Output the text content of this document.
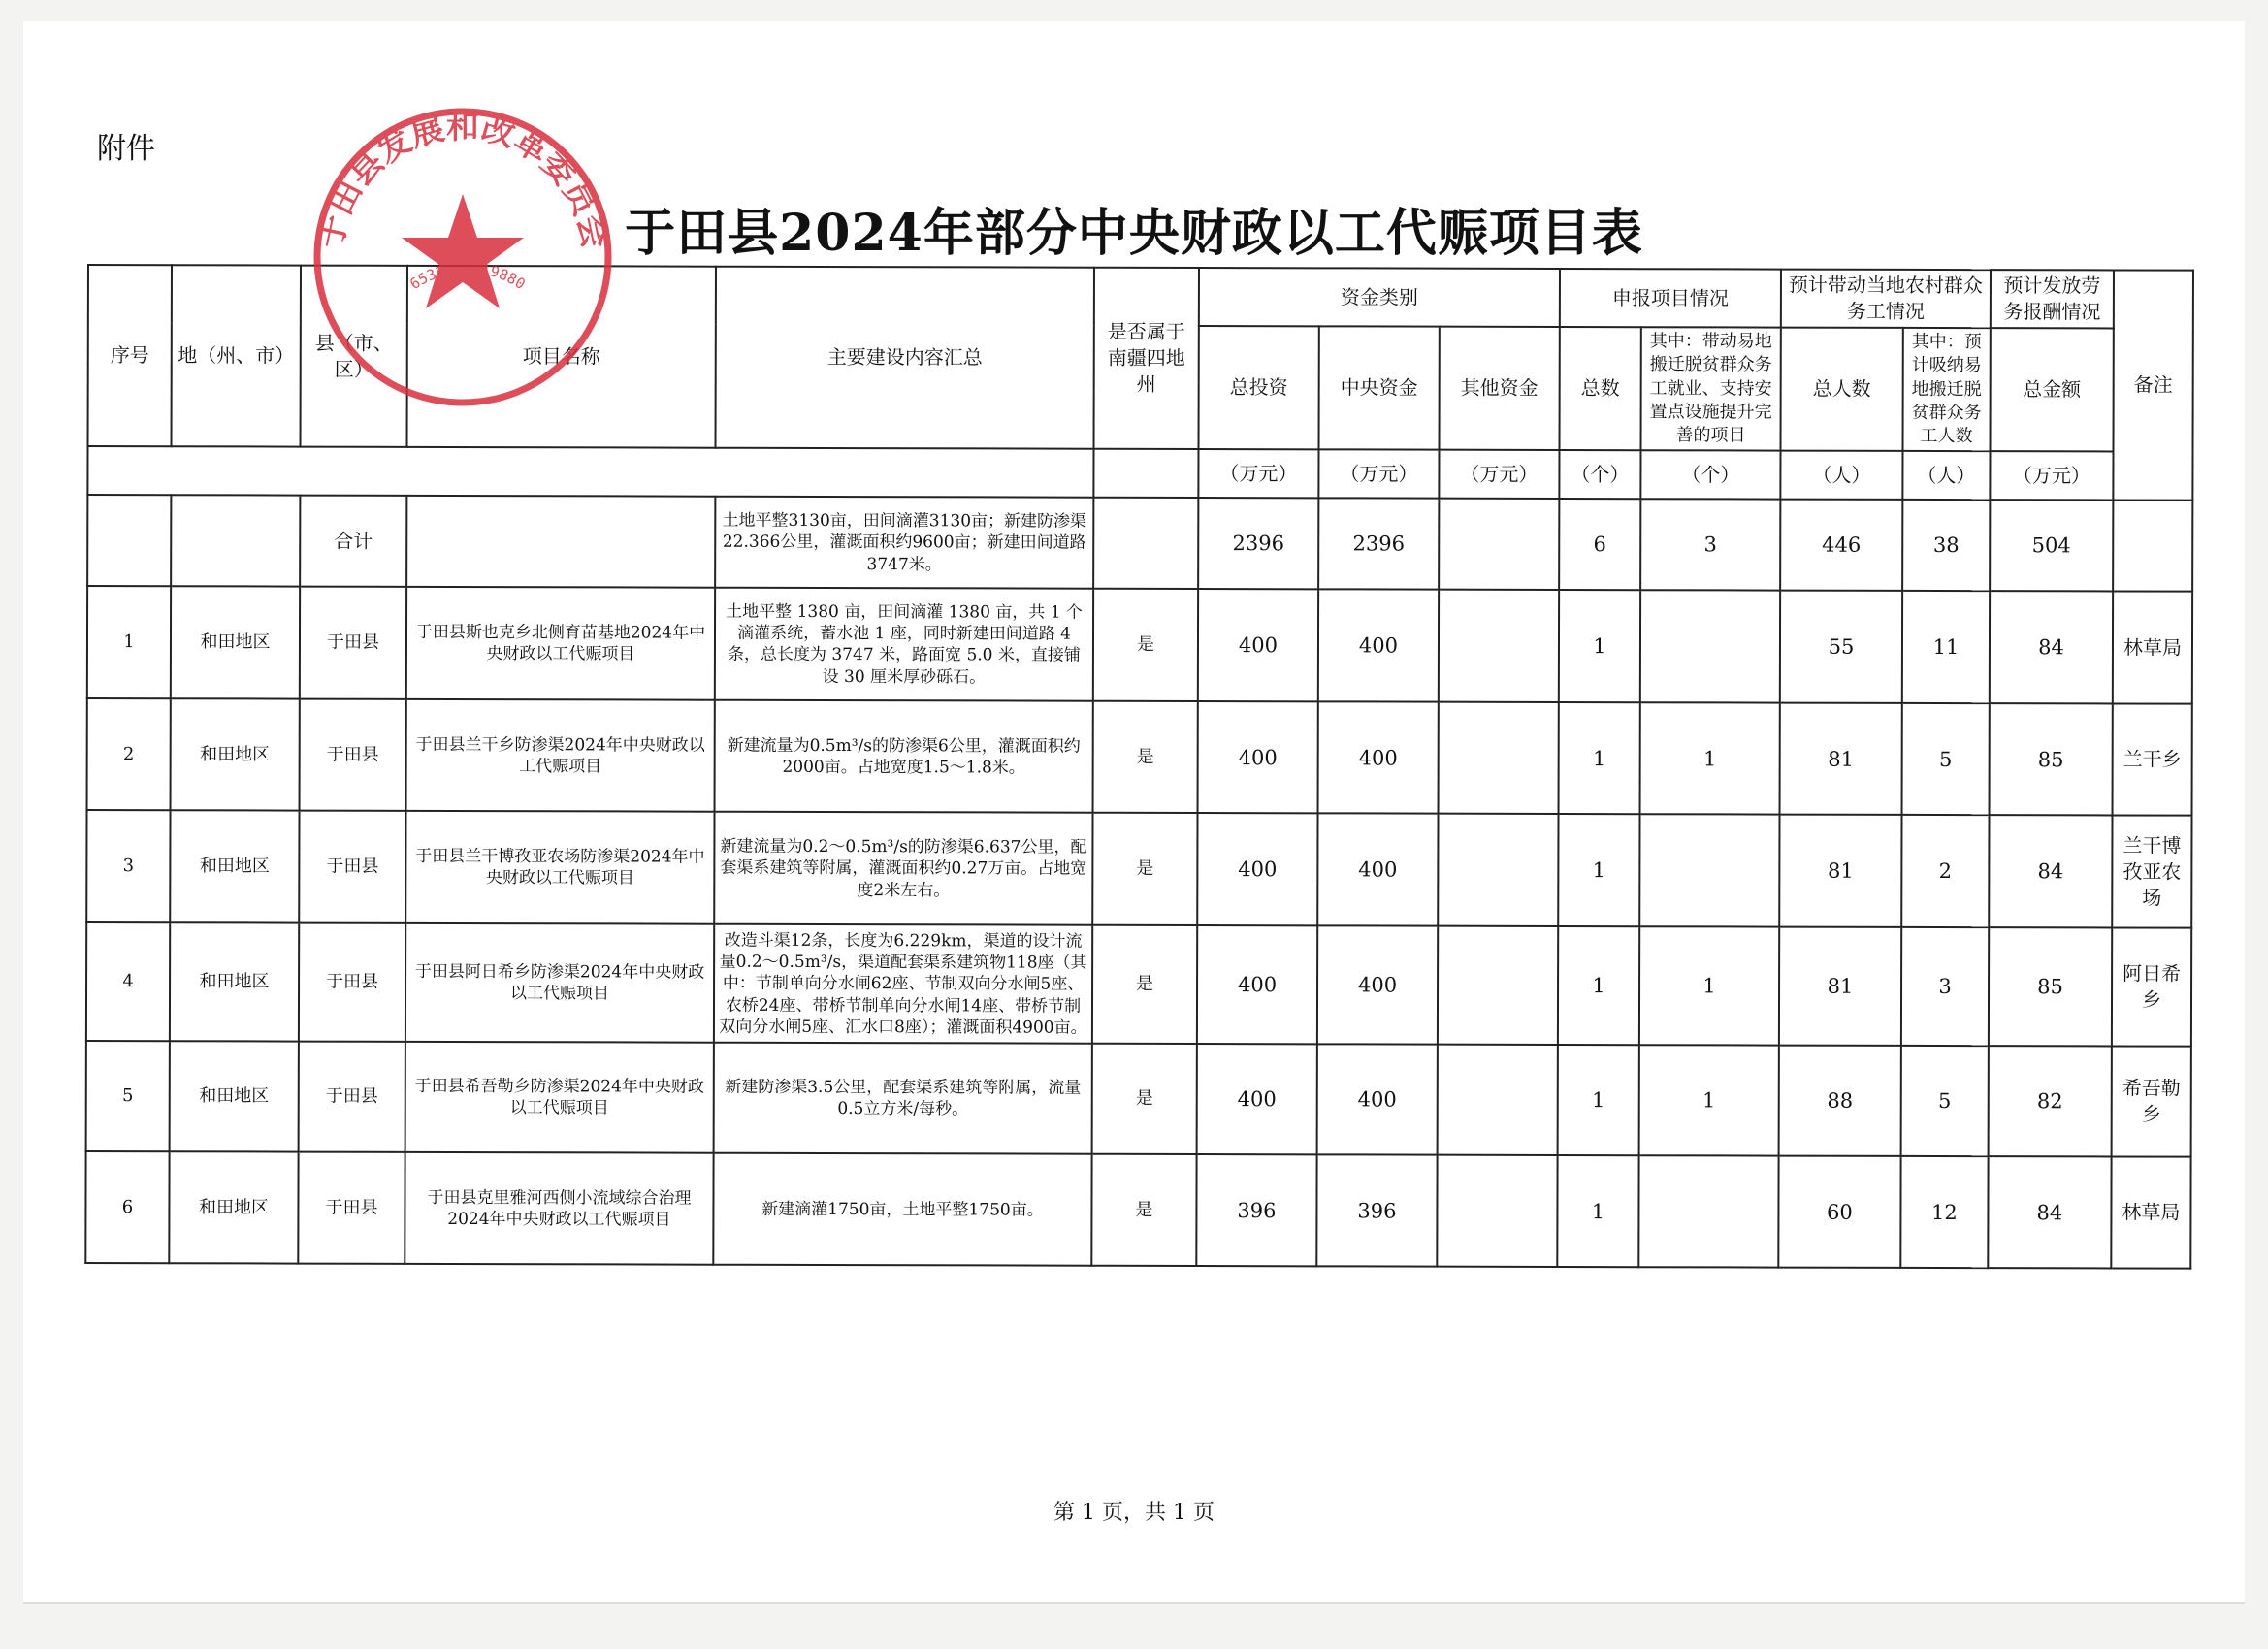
附件
于田县2024年部分中央财政以工代赈项目表
序号	地（州、市）	县（市、区）	项目名称	主要建设内容汇总	是否属于南疆四地州	资金类别			申报项目情况		预计带动当地农村群众务工情况		预计发放劳务报酬情况	备注
						总投资	中央资金	其他资金	总数	其中：带动易地搬迁脱贫群众务工就业、支持安置点设施提升完善的项目	总人数	其中：预计吸纳易地搬迁脱贫群众务工人数	总金额	
						（万元）	（万元）	（万元）	（个）	（个）	（人）	（人）	（万元）	
		合计		土地平整3130亩，田间滴灌3130亩；新建防渗渠22.366公里，灌溉面积约9600亩；新建田间道路3747米。		2396	2396		6	3	446	38	504	
1	和田地区	于田县	于田县斯也克乡北侧育苗基地2024年中央财政以工代赈项目	土地平整 1380 亩，田间滴灌 1380 亩，共 1 个滴灌系统，蓄水池 1 座，同时新建田间道路 4 条，总长度为 3747 米，路面宽 5.0 米，直接铺设 30 厘米厚砂砾石。	是	400	400		1		55	11	84	林草局
2	和田地区	于田县	于田县兰干乡防渗渠2024年中央财政以工代赈项目	新建流量为0.5m³/s的防渗渠6公里，灌溉面积约2000亩。占地宽度1.5～1.8米。	是	400	400		1	1	81	5	85	兰干乡
3	和田地区	于田县	于田县兰干博孜亚农场防渗渠2024年中央财政以工代赈项目	新建流量为0.2～0.5m³/s的防渗渠6.637公里，配套渠系建筑等附属，灌溉面积约0.27万亩。占地宽度2米左右。	是	400	400		1		81	2	84	兰干博孜亚农场
4	和田地区	于田县	于田县阿日希乡防渗渠2024年中央财政以工代赈项目	改造斗渠12条，长度为6.229km，渠道的设计流量0.2～0.5m³/s，渠道配套渠系建筑物118座（其中：节制单向分水闸62座、节制双向分水闸5座、农桥24座、带桥节制单向分水闸14座、带桥节制双向分水闸5座、汇水口8座）；灌溉面积4900亩。	是	400	400		1	1	81	3	85	阿日希乡
5	和田地区	于田县	于田县希吾勒乡防渗渠2024年中央财政以工代赈项目	新建防渗渠3.5公里，配套渠系建筑等附属，流量0.5立方米/每秒。	是	400	400		1	1	88	5	82	希吾勒乡
6	和田地区	于田县	于田县克里雅河西侧小流域综合治理2024年中央财政以工代赈项目	新建滴灌1750亩，土地平整1750亩。	是	396	396		1		60	12	84	林草局
于田县发展和改革委员会
6532260119880
第 1 页，共 1 页
